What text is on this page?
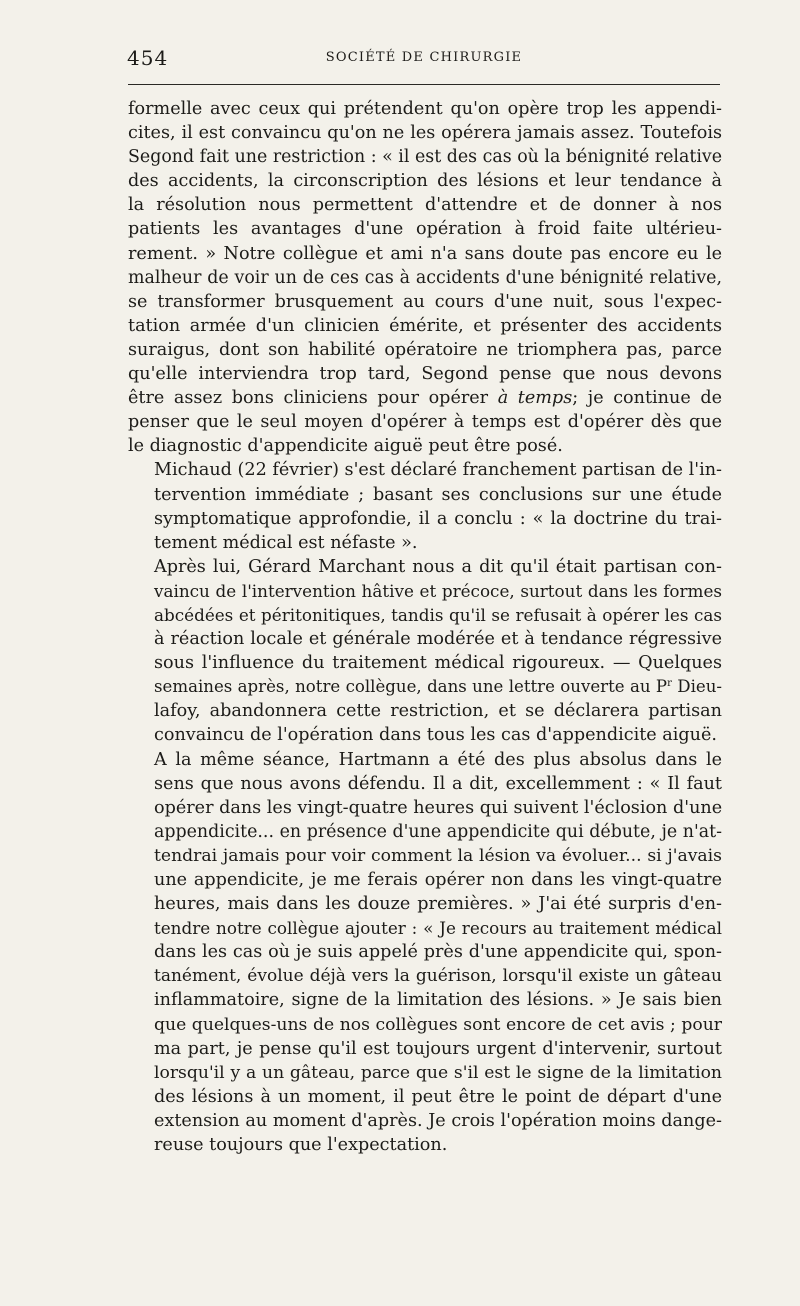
454	SOCIÉTÉ DE CHIRURGIE

formelle avec ceux qui prétendent qu'on opère trop les appendi-
cites, il est convaincu qu'on ne les opérera jamais assez. Toutefois
Segond fait une restriction : « il est des cas où la bénignité relative
des accidents, la circonscription des lésions et leur tendance à
la résolution nous permettent d'attendre et de donner à nos
patients les avantages d'une opération à froid faite ultérieu-
rement. » Notre collègue et ami n'a sans doute pas encore eu le
malheur de voir un de ces cas à accidents d'une bénignité relative,
se transformer brusquement au cours d'une nuit, sous l'expec-
tation armée d'un clinicien émérite, et présenter des accidents
suraigus, dont son habilité opératoire ne triomphera pas, parce
qu'elle interviendra trop tard, Segond pense que nous devons
être assez bons cliniciens pour opérer à temps; je continue de
penser que le seul moyen d'opérer à temps est d'opérer dès que
le diagnostic d'appendicite aiguë peut être posé.

Michaud (22 février) s'est déclaré franchement partisan de l'in-
tervention immédiate ; basant ses conclusions sur une étude
symptomatique approfondie, il a conclu : « la doctrine du trai-
tement médical est néfaste ».

Après lui, Gérard Marchant nous a dit qu'il était partisan con-
vaincu de l'intervention hâtive et précoce, surtout dans les formes
abcédées et péritonitiques, tandis qu'il se refusait à opérer les cas
à réaction locale et générale modérée et à tendance régressive
sous l'influence du traitement médical rigoureux. — Quelques
semaines après, notre collègue, dans une lettre ouverte au $P^r$ Dieu-
lafoy, abandonnera cette restriction, et se déclarera partisan
convaincu de l'opération dans tous les cas d'appendicite aiguë.

A la même séance, Hartmann a été des plus absolus dans le
sens que nous avons défendu. Il a dit, excellemment : « Il faut
opérer dans les vingt-quatre heures qui suivent l'éclosion d'une
appendicite... en présence d'une appendicite qui débute, je n'at-
tendrai jamais pour voir comment la lésion va évoluer... si j'avais
une appendicite, je me ferais opérer non dans les vingt-quatre
heures, mais dans les douze premières. » J'ai été surpris d'en-
tendre notre collègue ajouter : « Je recours au traitement médical
dans les cas où je suis appelé près d'une appendicite qui, spon-
tanément, évolue déjà vers la guérison, lorsqu'il existe un gâteau
inflammatoire, signe de la limitation des lésions. » Je sais bien
que quelques-uns de nos collègues sont encore de cet avis ; pour
ma part, je pense qu'il est toujours urgent d'intervenir, surtout
lorsqu'il y a un gâteau, parce que s'il est le signe de la limitation
des lésions à un moment, il peut être le point de départ d'une
extension au moment d'après. Je crois l'opération moins dange-
reuse toujours que l'expectation.
